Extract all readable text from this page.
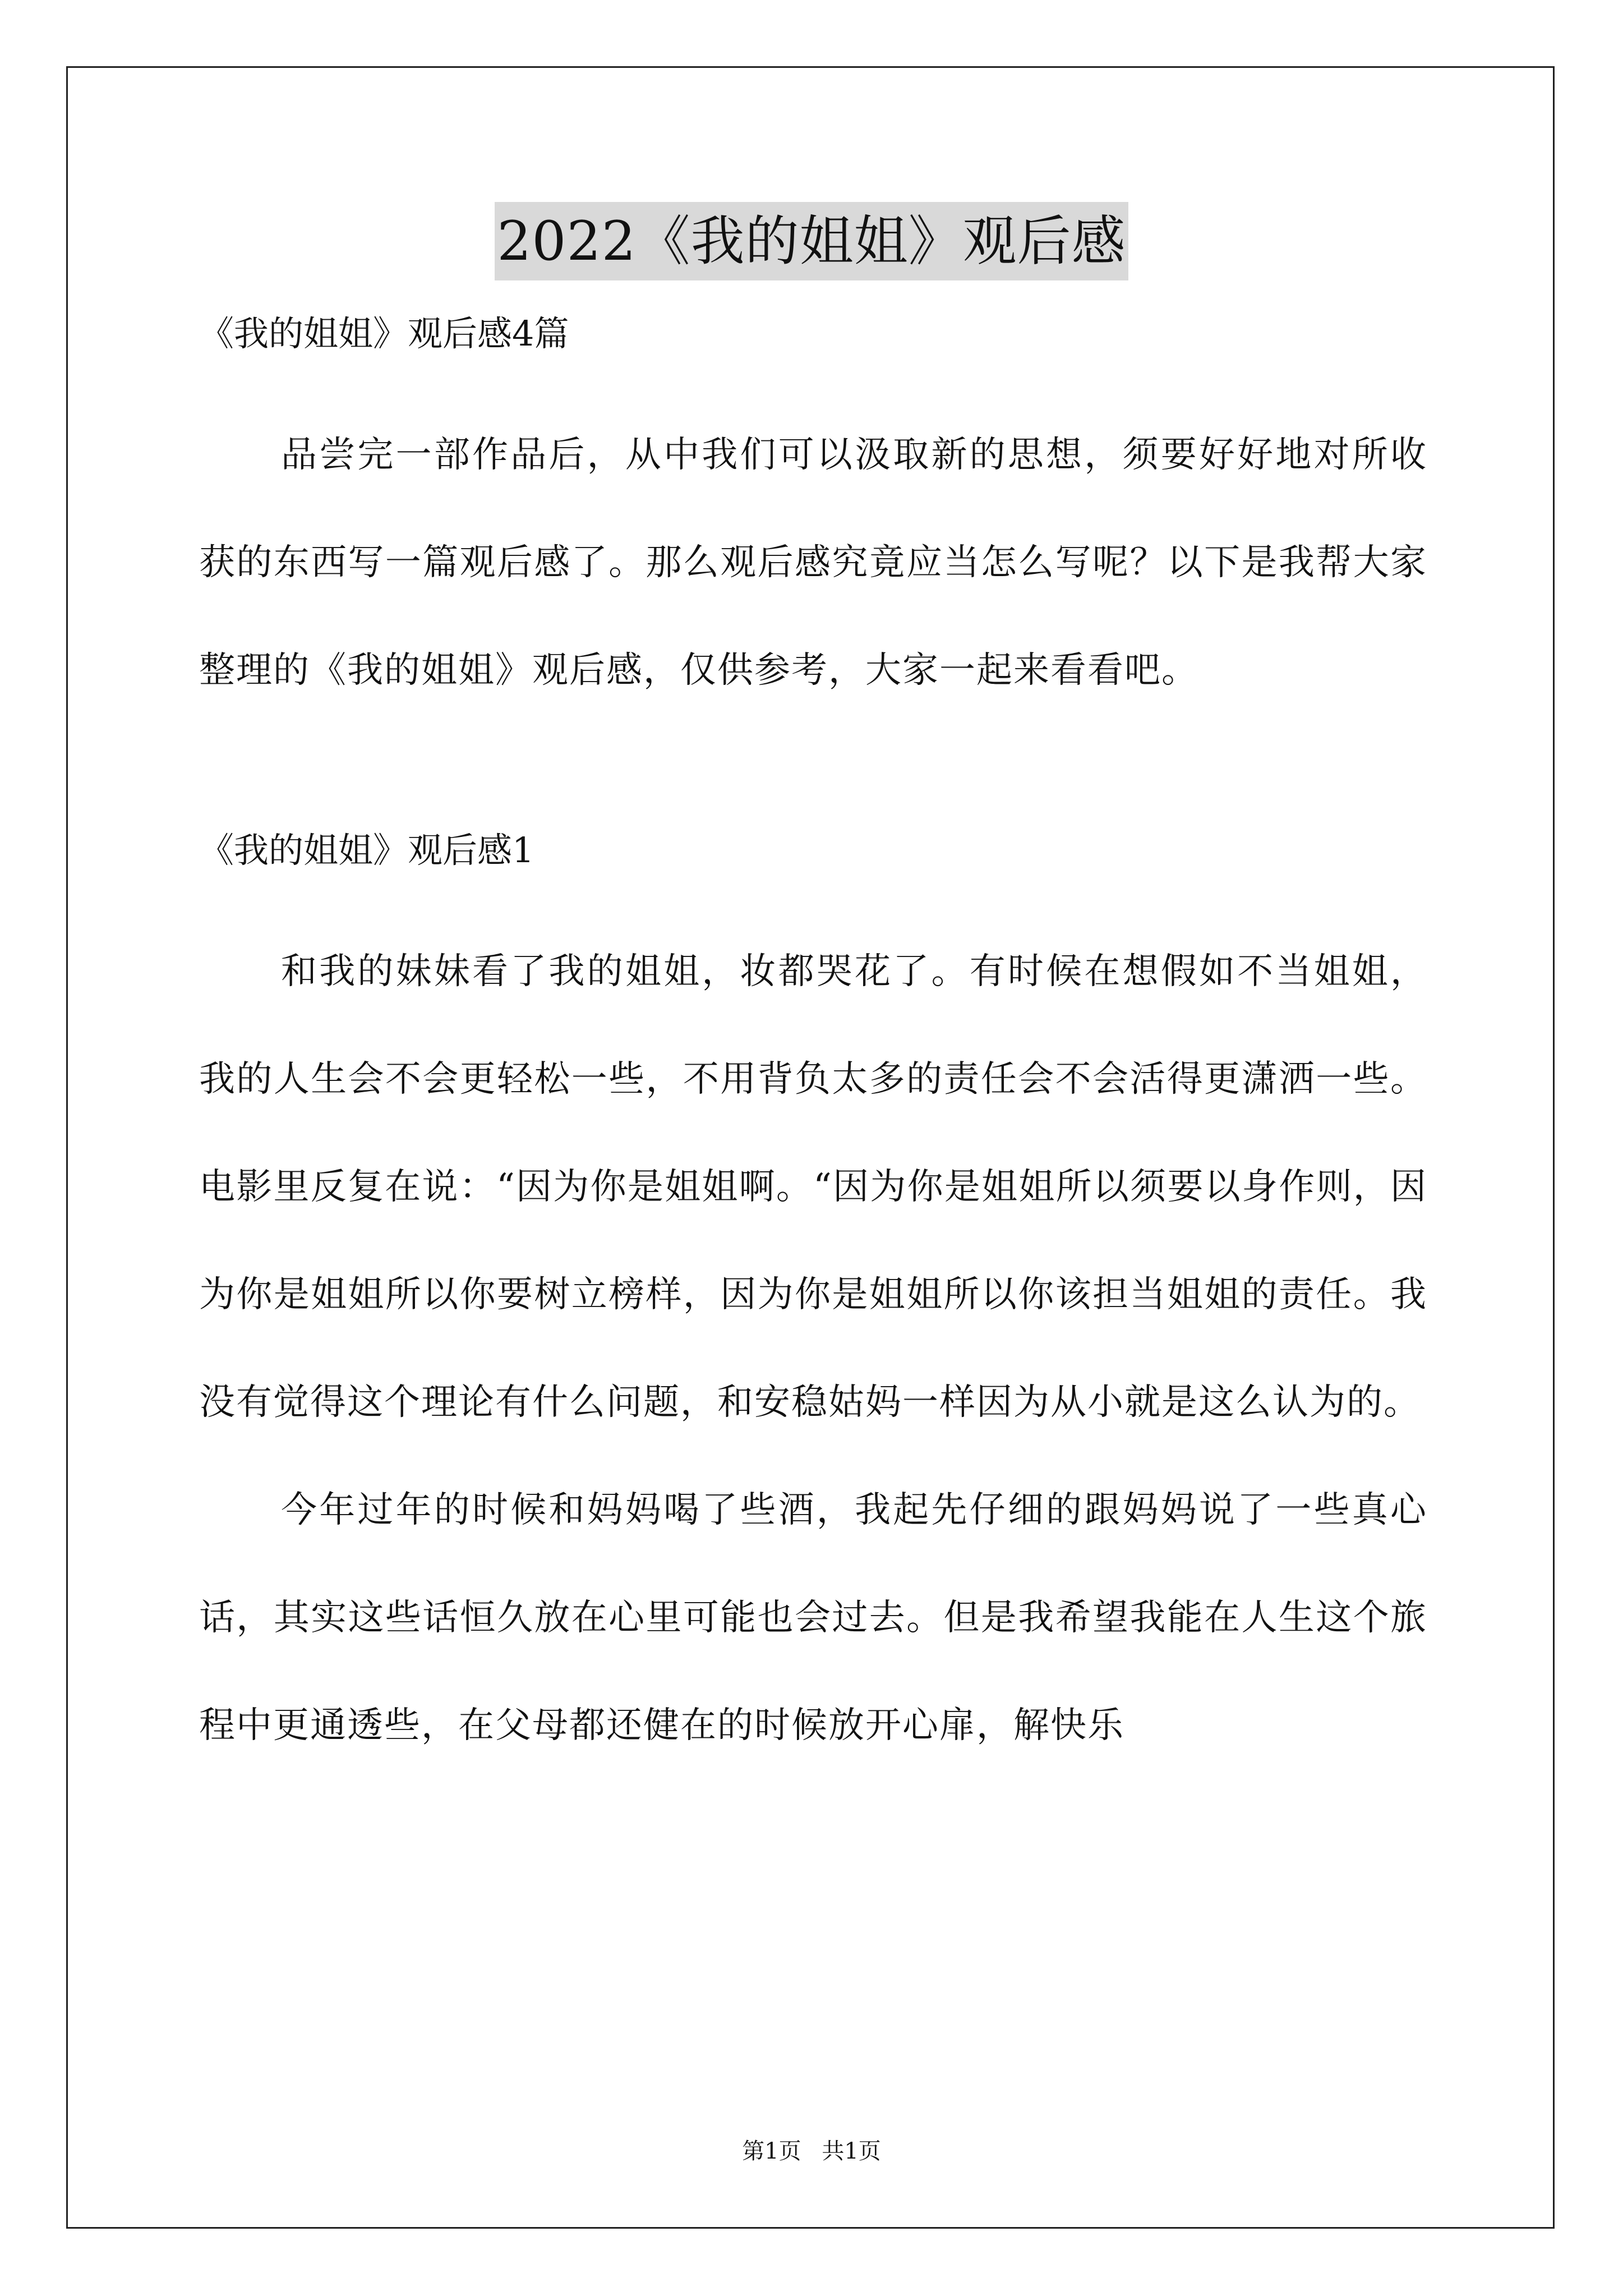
2022《我的姐姐》观后感

《我的姐姐》观后感4篇

品尝完一部作品后，从中我们可以汲取新的思想，须要好好地对所收获的东西写一篇观后感了。那么观后感究竟应当怎么写呢？以下是我帮大家整理的《我的姐姐》观后感，仅供参考，大家一起来看看吧。

《我的姐姐》观后感1

和我的妹妹看了我的姐姐，妆都哭花了。有时候在想假如不当姐姐，我的人生会不会更轻松一些，不用背负太多的责任会不会活得更潇洒一些。电影里反复在说：“因为你是姐姐啊。“因为你是姐姐所以须要以身作则，因为你是姐姐所以你要树立榜样，因为你是姐姐所以你该担当姐姐的责任。我没有觉得这个理论有什么问题，和安稳姑妈一样因为从小就是这么认为的。

今年过年的时候和妈妈喝了些酒，我起先仔细的跟妈妈说了一些真心话，其实这些话恒久放在心里可能也会过去。但是我希望我能在人生这个旅程中更通透些，在父母都还健在的时候放开心扉，解快乐

第1页 共1页
